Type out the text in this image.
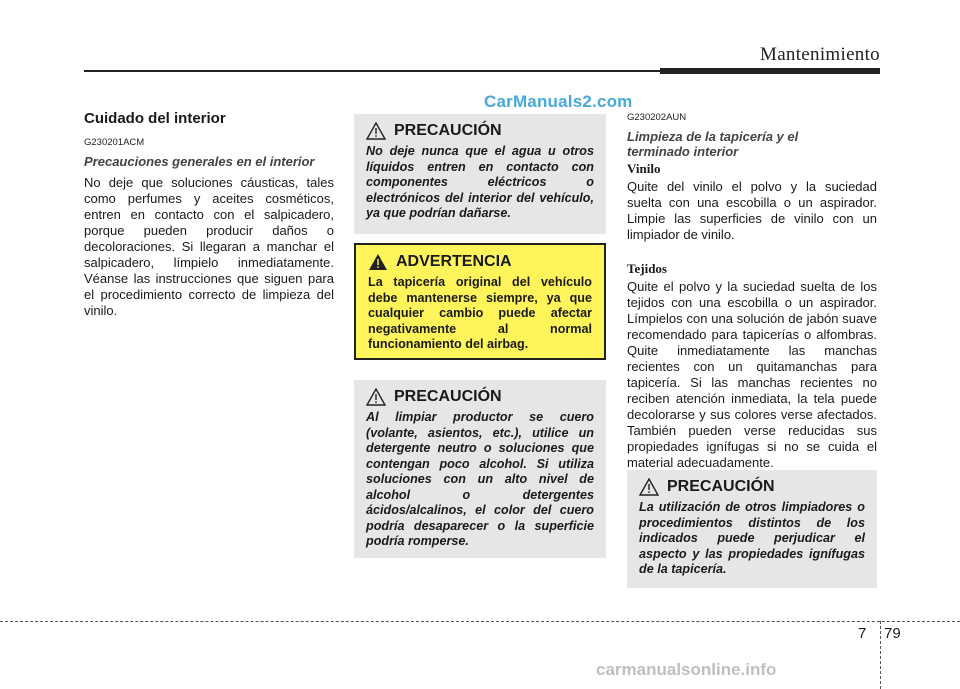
Mantenimiento
CarManuals2.com

Cuidado del interior

G230201ACM

Precauciones generales en el interior

No deje que soluciones cáusticas, tales como perfumes y aceites cosméticos, entren en contacto con el salpicadero, porque pueden producir daños o decoloraciones. Si llegaran a manchar el salpicadero, límpielo inmediatamente. Véanse las instrucciones que siguen para el procedimiento correcto de limpieza del vinilo.

PRECAUCIÓN

No deje nunca que el agua u otros líquidos entren en contacto con componentes eléctricos o electrónicos del interior del vehículo, ya que podrían dañarse.

ADVERTENCIA

La tapicería original del vehículo debe mantenerse siempre, ya que cualquier cambio puede afectar negativamente al normal funcionamiento del airbag.

PRECAUCIÓN

Al limpiar productor se cuero (volante, asientos, etc.), utilice un detergente neutro o soluciones que contengan poco alcohol. Si utiliza soluciones con un alto nivel de alcohol o detergentes ácidos/alcalinos, el color del cuero podría desaparecer o la superficie podría romperse.

G230202AUN

Limpieza de la tapicería y el terminado interior

Vinilo

Quite del vinilo el polvo y la suciedad suelta con una escobilla o un aspirador. Limpie las superficies de vinilo con un limpiador de vinilo.

Tejidos

Quite el polvo y la suciedad suelta de los tejidos con una escobilla o un aspirador. Límpielos con una solución de jabón suave recomendado para tapicerías o alfombras. Quite inmediatamente las manchas recientes con un quitamanchas para tapicería. Si las manchas recientes no reciben atención inmediata, la tela puede decolorarse y sus colores verse afectados. También pueden verse reducidas sus propiedades ignífugas si no se cuida el material adecuadamente.

PRECAUCIÓN

La utilización de otros limpiadores o procedimientos distintos de los indicados puede perjudicar el aspecto y las propiedades ignífugas de la tapicería.

7 79
carmanualsonline.info
